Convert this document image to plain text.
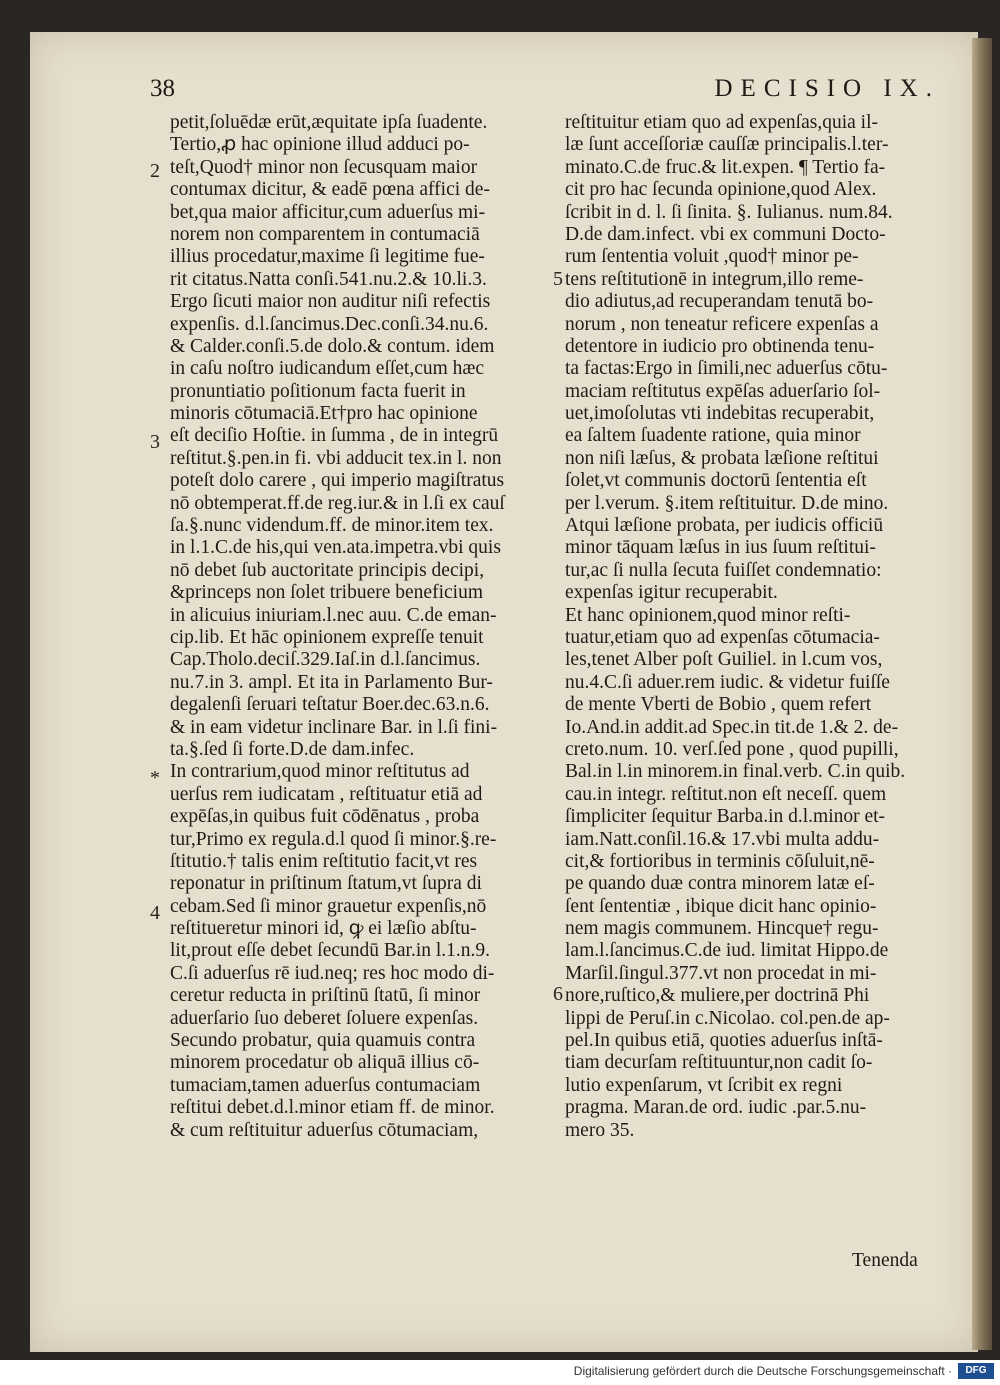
38	DECISIO IX.
petit,ſoluēdæ erūt,æquitate ipſa ſuadente.
Tertio,ꝓ hac opinione illud adduci po-
teſt,Quod† minor non ſecusquam maior
contumax dicitur, & eadē pœna affici de-
bet,qua maior afficitur,cum aduerſus mi-
norem non comparentem in contumaciā
illius procedatur,maxime ſi legitime fue-
rit citatus.Natta conſi.541.nu.2.& 10.li.3.
Ergo ſicuti maior non auditur niſi refectis
expenſis. d.l.ſancimus.Dec.conſi.34.nu.6.
& Calder.conſi.5.de dolo.& contum. idem
in caſu noſtro iudicandum eſſet,cum hæc
pronuntiatio poſitionum facta fuerit in
minoris cōtumaciā.Et†pro hac opinione
eſt deciſio Hoſtie. in ſumma , de in integrū
reſtitut.§.pen.in fi. vbi adducit tex.in l. non
poteſt dolo carere , qui imperio magiſtratus
nō obtemperat.ff.de reg.iur.& in l.ſi ex cauſ
ſa.§.nunc videndum.ff. de minor.item tex.
in l.1.C.de his,qui ven.ata.impetra.vbi quis
nō debet ſub auctoritate principis decipi,
&princeps non ſolet tribuere beneficium
in alicuius iniuriam.l.nec auu. C.de eman-
cip.lib. Et hāc opinionem expreſſe tenuit
Cap.Tholo.deciſ.329.Iaſ.in d.l.ſancimus.
nu.7.in 3. ampl. Et ita in Parlamento Bur-
degalenſi ſeruari teſtatur Boer.dec.63.n.6.
& in eam videtur inclinare Bar. in l.ſi fini-
ta.§.ſed ſi forte.D.de dam.infec.
In contrarium,quod minor reſtitutus ad
uerſus rem iudicatam , reſtituatur etiā ad
expēſas,in quibus fuit cōdēnatus , proba
tur,Primo ex regula.d.l quod ſi minor.§.re-
ſtitutio.† talis enim reſtitutio facit,vt res
reponatur in priſtinum ſtatum,vt ſupra di
cebam.Sed ſi minor grauetur expenſis,nō
reſtitueretur minori id, ꝙ ei læſio abſtu-
lit,prout eſſe debet ſecundū Bar.in l.1.n.9.
C.ſi aduerſus rē iud.neq; res hoc modo di-
ceretur reducta in priſtinū ſtatū, ſi minor
aduerſario ſuo deberet ſoluere expenſas.
Secundo probatur, quia quamuis contra
minorem procedatur ob aliquā illius cō-
tumaciam,tamen aduerſus contumaciam
reſtitui debet.d.l.minor etiam ff. de minor.
& cum reſtituitur aduerſus cōtumaciam,
reſtituitur etiam quo ad expenſas,quia il-
læ ſunt acceſſoriæ cauſſæ principalis.l.ter-
minato.C.de fruc.& lit.expen. ¶ Tertio fa-
cit pro hac ſecunda opinione,quod Alex.
ſcribit in d. l. ſi ſinita. §. Iulianus. num.84.
D.de dam.infect. vbi ex communi Docto-
rum ſententia voluit ,quod† minor pe-
tens reſtitutionē in integrum,illo reme-
dio adiutus,ad recuperandam tenutā bo-
norum , non teneatur reficere expenſas a
detentore in iudicio pro obtinenda tenu-
ta factas:Ergo in ſimili,nec aduerſus cōtu-
maciam reſtitutus expēſas aduerſario ſol-
uet,imoſolutas vti indebitas recuperabit,
ea ſaltem ſuadente ratione, quia minor
non niſi læſus, & probata læſione reſtitui
ſolet,vt communis doctorū ſententia eſt
per l.verum. §.item reſtituitur. D.de mino.
Atqui læſione probata, per iudicis officiū
minor tāquam læſus in ius ſuum reſtitui-
tur,ac ſi nulla ſecuta fuiſſet condemnatio:
expenſas igitur recuperabit.
Et hanc opinionem,quod minor reſti-
tuatur,etiam quo ad expenſas cōtumacia-
les,tenet Alber poſt Guiliel. in l.cum vos,
nu.4.C.ſi aduer.rem iudic. & videtur fuiſſe
de mente Vberti de Bobio , quem refert
Io.And.in addit.ad Spec.in tit.de 1.& 2. de-
creto.num. 10. verſ.ſed pone , quod pupilli,
Bal.in l.in minorem.in final.verb. C.in quib.
cau.in integr. reſtitut.non eſt neceſſ. quem
ſimpliciter ſequitur Barba.in d.l.minor et-
iam.Natt.conſil.16.& 17.vbi multa addu-
cit,& fortioribus in terminis cōſuluit,nē-
pe quando duæ contra minorem latæ eſ-
ſent ſententiæ , ibique dicit hanc opinio-
nem magis communem. Hincque† regu-
lam.l.ſancimus.C.de iud. limitat Hippo.de
Marſil.ſingul.377.vt non procedat in mi-
nore,ruſtico,& muliere,per doctrinā Phi
lippi de Peruſ.in c.Nicolao. col.pen.de ap-
pel.In quibus etiā, quoties aduerſus inſtā-
tiam decurſam reſtituuntur,non cadit ſo-
lutio expenſarum, vt ſcribit ex regni
pragma. Maran.de ord. iudic .par.5.nu-
mero 35.
2
3
*
4
5
6
Tenenda
Digitalisierung gefördert durch die Deutsche Forschungsgemeinschaft ·	DFG
